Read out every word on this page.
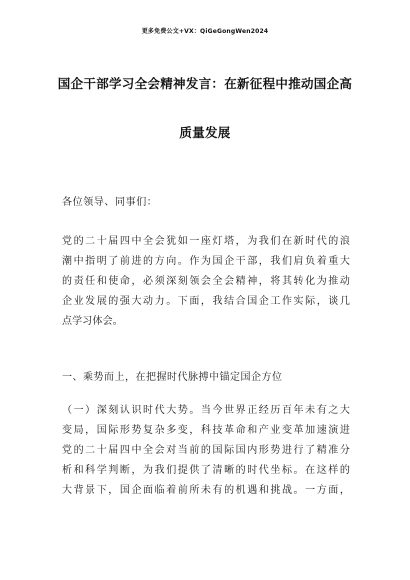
更多免费公文+VX：QiGeGongWen2024
国企干部学习全会精神发言：在新征程中推动国企高
质量发展
各位领导、同事们：
党的二十届四中全会犹如一座灯塔，为我们在新时代的浪
潮中指明了前进的方向。作为国企干部，我们肩负着重大
的责任和使命，必须深刻领会全会精神，将其转化为推动
企业发展的强大动力。下面，我结合国企工作实际，谈几
点学习体会。
一、乘势而上，在把握时代脉搏中锚定国企方位
（一）深刻认识时代大势。当今世界正经历百年未有之大
变局，国际形势复杂多变，科技革命和产业变革加速演进
党的二十届四中全会对当前的国际国内形势进行了精准分
析和科学判断，为我们提供了清晰的时代坐标。在这样的
大背景下，国企面临着前所未有的机遇和挑战。一方面，
